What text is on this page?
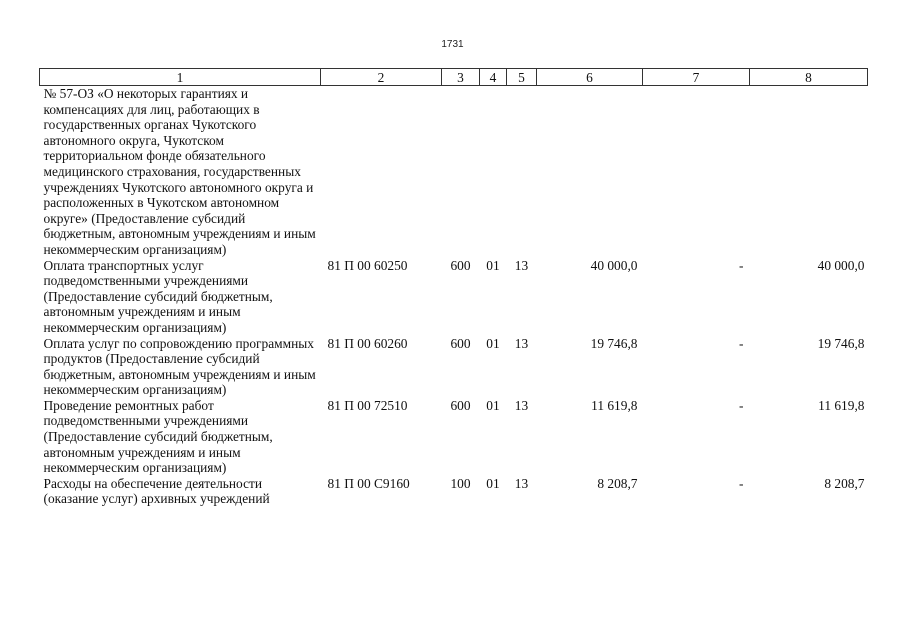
1731
1	2	3	4	5	6	7	8
№ 57-ОЗ «О некоторых гарантиях и компенсациях для лиц, работающих в государственных органах Чукотского автономного округа, Чукотском территориальном фонде обязательного медицинского страхования, государственных учреждениях Чукотского автономного округа и расположенных в Чукотском автономном округе» (Предоставление субсидий бюджетным, автономным учреждениям и иным некоммерческим организациям)							
Оплата транспортных услуг подведомственными учреждениями (Предоставление субсидий бюджетным, автономным учреждениям и иным некоммерческим организациям)	81 П 00 60250	600	01	13	40 000,0	-	40 000,0
Оплата услуг по сопровождению программных продуктов (Предоставление субсидий бюджетным, автономным учреждениям и иным некоммерческим организациям)	81 П 00 60260	600	01	13	19 746,8	-	19 746,8
Проведение ремонтных работ подведомственными учреждениями (Предоставление субсидий бюджетным, автономным учреждениям и иным некоммерческим организациям)	81 П 00 72510	600	01	13	11 619,8	-	11 619,8
Расходы на обеспечение деятельности (оказание услуг) архивных учреждений	81 П 00 С9160	100	01	13	8 208,7	-	8 208,7
